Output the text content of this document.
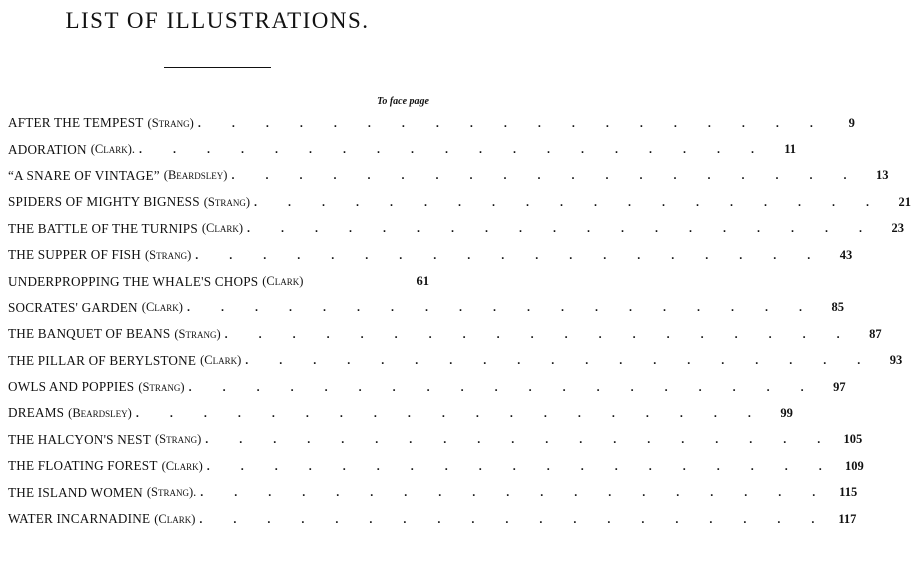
LIST OF ILLUSTRATIONS.
To face page
AFTER THE TEMPEST (Strang) . . . . . . . . . . . . . . . . . . .	9
ADORATION (Clark). . . . . . . . . . . . . . . . . . . .	11
“A SNARE OF VINTAGE” (Beardsley) . . . . . . . . . . . . . . . . . . .	13
SPIDERS OF MIGHTY BIGNESS (Strang) . . . . . . . . . . . . . . . . . . .	21
THE BATTLE OF THE TURNIPS (Clark) . . . . . . . . . . . . . . . . . . .	23
THE SUPPER OF FISH (Strang) . . . . . . . . . . . . . . . . . . .	43
UNDERPROPPING THE WHALE'S CHOPS (Clark)	61
SOCRATES' GARDEN (Clark) . . . . . . . . . . . . . . . . . . .	85
THE BANQUET OF BEANS (Strang) . . . . . . . . . . . . . . . . . . .	87
THE PILLAR OF BERYLSTONE (Clark) . . . . . . . . . . . . . . . . . . .	93
OWLS AND POPPIES (Strang) . . . . . . . . . . . . . . . . . . .	97
DREAMS (Beardsley) . . . . . . . . . . . . . . . . . . .	99
THE HALCYON'S NEST (Strang) . . . . . . . . . . . . . . . . . . . 105
THE FLOATING FOREST (Clark) . . . . . . . . . . . . . . . . . . . 109
THE ISLAND WOMEN (Strang). . . . . . . . . . . . . . . . . . . . 115
WATER INCARNADINE (Clark) . . . . . . . . . . . . . . . . . . . 117
